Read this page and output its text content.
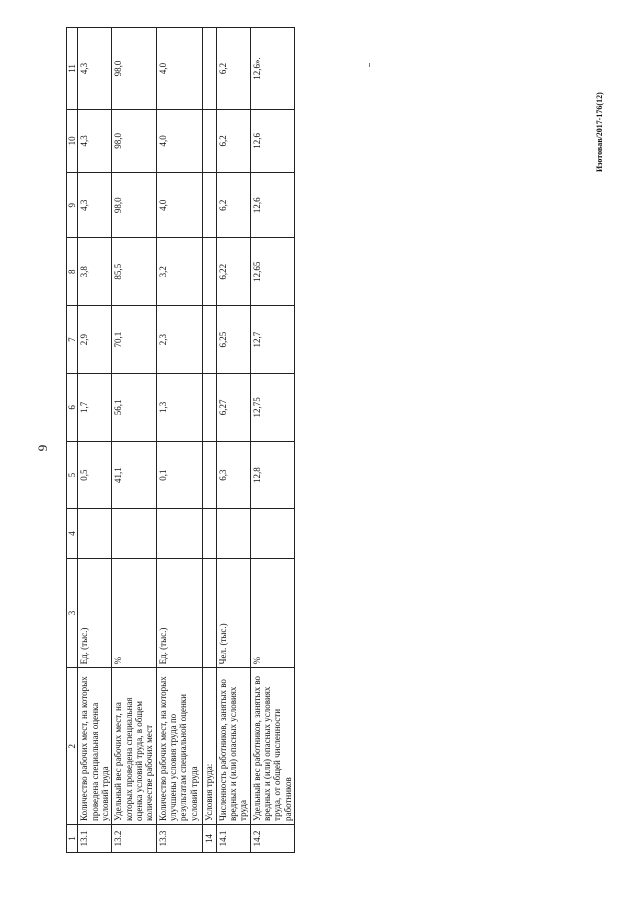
9
Изотовав/2017-176(12)
1	2	3	4	5	6	7	8	9	10	11
13.1	Количество рабочих мест, на которых проведена специальная оценка условий труда	Ед. (тыс.)		0,5	1,7	2,9	3,8	4,3	4,3	4,3
13.2	Удельный вес рабочих мест, на которых проведена специальная оценка условий труда, в общем количестве рабочих мест	%		41,1	56,1	70,1	85,5	98,0	98,0	98,0
13.3	Количество рабочих мест, на которых улучшены условия труда по результатам специальной оценки условий труда	Ед. (тыс.)		0,1	1,3	2,3	3,2	4,0	4,0	4,0
14	Условия труда:									
14.1	Численность работников, занятых во вредных и (или) опасных условиях труда	Чел. (тыс.)		6,3	6,27	6,25	6,22	6,2	6,2	6,2
14.2	Удельный вес работников, занятых во вредных и (или) опасных условиях труда, от общей численности работников	%		12,8	12,75	12,7	12,65	12,6	12,6	12,6».
